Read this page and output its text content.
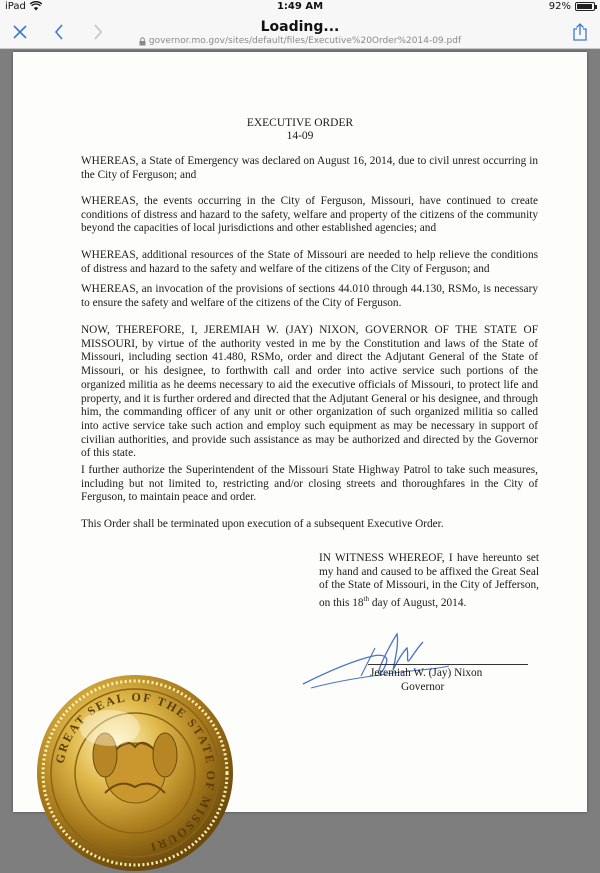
iPad	1:49 AM	92%
Loading...
governor.mo.gov/sites/default/files/Executive%20Order%2014-09.pdf
EXECUTIVE ORDER
14-09
WHEREAS, a State of Emergency was declared on August 16, 2014, due to civil unrest occurring in the City of Ferguson; and
WHEREAS, the events occurring in the City of Ferguson, Missouri, have continued to create conditions of distress and hazard to the safety, welfare and property of the citizens of the community beyond the capacities of local jurisdictions and other established agencies; and
WHEREAS, additional resources of the State of Missouri are needed to help relieve the conditions of distress and hazard to the safety and welfare of the citizens of the City of Ferguson; and
WHEREAS, an invocation of the provisions of sections 44.010 through 44.130, RSMo, is necessary to ensure the safety and welfare of the citizens of the City of Ferguson.
NOW, THEREFORE, I, JEREMIAH W. (JAY) NIXON, GOVERNOR OF THE STATE OF MISSOURI, by virtue of the authority vested in me by the Constitution and laws of the State of Missouri, including section 41.480, RSMo, order and direct the Adjutant General of the State of Missouri, or his designee, to forthwith call and order into active service such portions of the organized militia as he deems necessary to aid the executive officials of Missouri, to protect life and property, and it is further ordered and directed that the Adjutant General or his designee, and through him, the commanding officer of any unit or other organization of such organized militia so called into active service take such action and employ such equipment as may be necessary in support of civilian authorities, and provide such assistance as may be authorized and directed by the Governor of this state.
I further authorize the Superintendent of the Missouri State Highway Patrol to take such measures, including but not limited to, restricting and/or closing streets and thoroughfares in the City of Ferguson, to maintain peace and order.
This Order shall be terminated upon execution of a subsequent Executive Order.
IN WITNESS WHEREOF, I have hereunto set my hand and caused to be affixed the Great Seal of the State of Missouri, in the City of Jefferson, on this 18th day of August, 2014.
Jeremiah W. (Jay) Nixon
Governor
GREAT SEAL OF THE STATE OF MISSOURI
